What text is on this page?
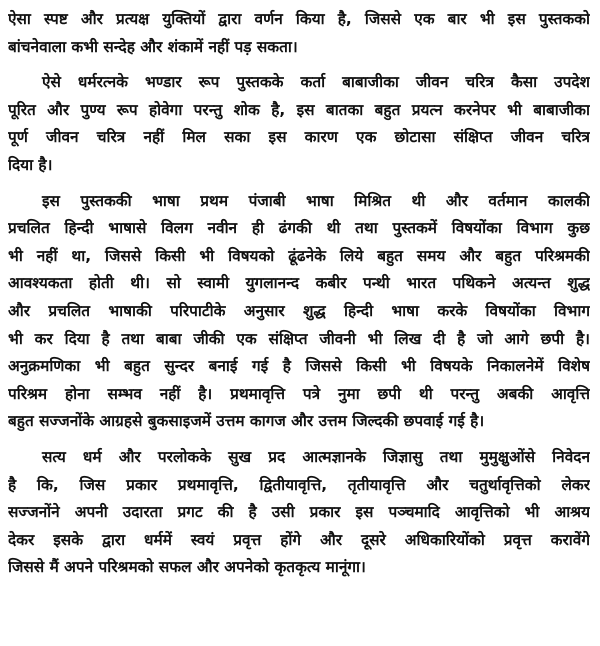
ऐसा स्पष्ट और प्रत्यक्ष युक्तियों द्वारा वर्णन किया है, जिससे एक बार भी इस पुस्तकको
बांचनेवाला कभी सन्देह और शंकामें नहीं पड़ सकता।
ऐसे धर्मरत्नके भण्डार रूप पुस्तकके कर्ता बाबाजीका जीवन चरित्र कैसा उपदेश
पूरित और पुण्य रूप होवेगा परन्तु शोक है, इस बातका बहुत प्रयत्न करनेपर भी बाबाजीका
पूर्ण जीवन चरित्र नहीं मिल सका इस कारण एक छोटासा संक्षिप्त जीवन चरित्र
दिया है।
इस पुस्तककी भाषा प्रथम पंजाबी भाषा मिश्रित थी और वर्तमान कालकी
प्रचलित हिन्दी भाषासे विलग नवीन ही ढंगकी थी तथा पुस्तकमें विषयोंका विभाग कुछ
भी नहीं था, जिससे किसी भी विषयको ढूंढनेके लिये बहुत समय और बहुत परिश्रमकी
आवश्यकता होती थी। सो स्वामी युगलानन्द कबीर पन्थी भारत पथिकने अत्यन्त शुद्ध
और प्रचलित भाषाकी परिपाटीके अनुसार शुद्ध हिन्दी भाषा करके विषयोंका विभाग
भी कर दिया है तथा बाबा जीकी एक संक्षिप्त जीवनी भी लिख दी है जो आगे छपी है।
अनुक्रमणिका भी बहुत सुन्दर बनाई गई है जिससे किसी भी विषयके निकालनेमें विशेष
परिश्रम होना सम्भव नहीं है। प्रथमावृत्ति पत्रे नुमा छपी थी परन्तु अबकी आवृत्ति
बहुत सज्जनोंके आग्रहसे बुकसाइजमें उत्तम कागज और उत्तम जिल्दकी छपवाई गई है।
सत्य धर्म और परलोकके सुख प्रद आत्मज्ञानके जिज्ञासु तथा मुमुक्षुओंसे निवेदन
है कि, जिस प्रकार प्रथमावृत्ति, द्वितीयावृत्ति, तृतीयावृत्ति और चतुर्थावृत्तिको लेकर
सज्जनोंने अपनी उदारता प्रगट की है उसी प्रकार इस पञ्चमादि आवृत्तिको भी आश्रय
देकर इसके द्वारा धर्ममें स्वयं प्रवृत्त होंगे और दूसरे अधिकारियोंको प्रवृत्त करावेंगे
जिससे मैं अपने परिश्रमको सफल और अपनेको कृतकृत्य मानूंगा।
